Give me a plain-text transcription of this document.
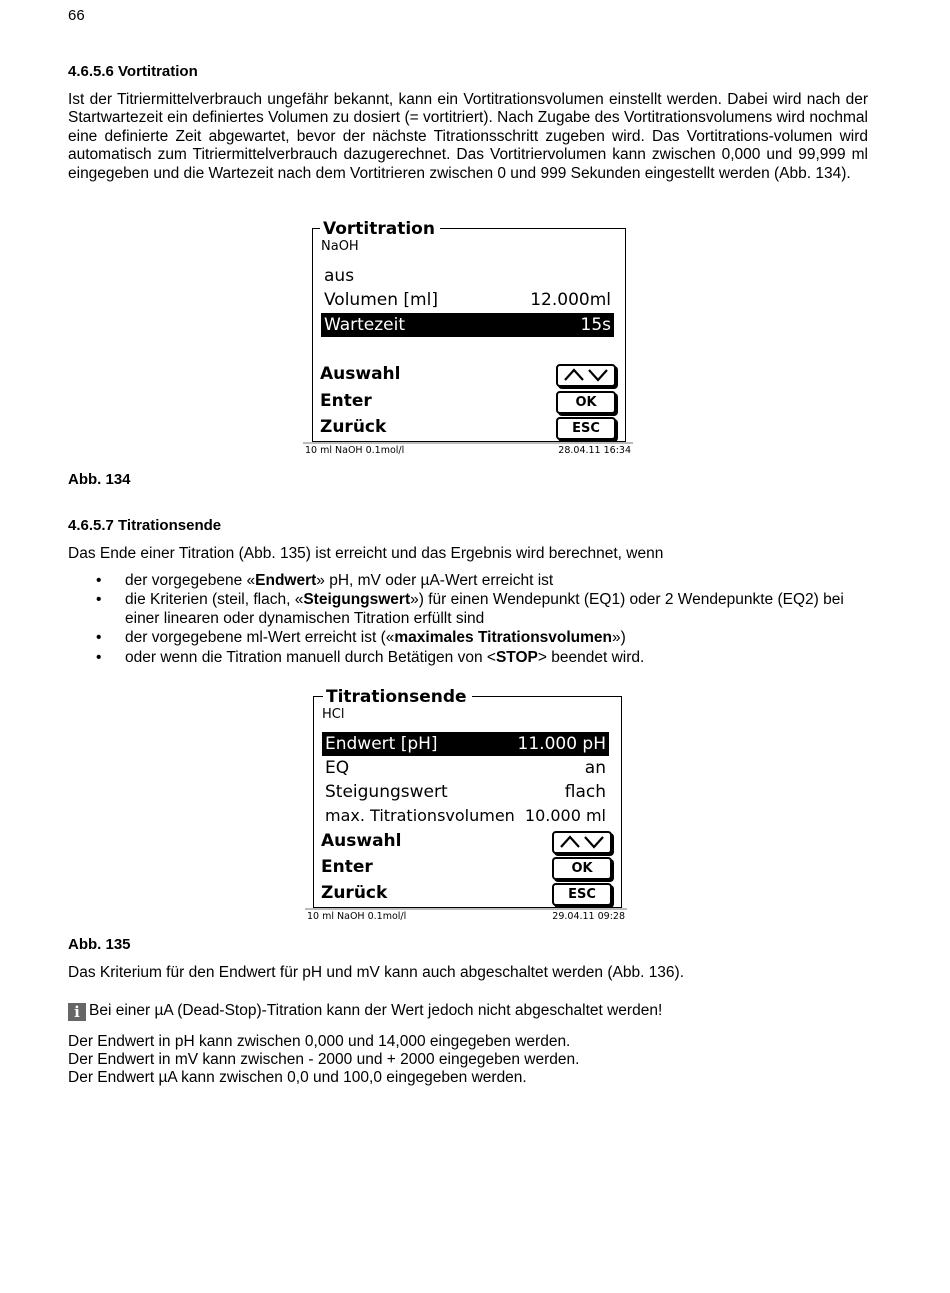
66
4.6.5.6 Vortitration
Ist der Titriermittelverbrauch ungefähr bekannt, kann ein Vortitrationsvolumen einstellt werden. Dabei wird nach der Startwartezeit ein definiertes Volumen zu dosiert (= vortitriert). Nach Zugabe des Vortitrationsvolumens wird nochmal eine definierte Zeit abgewartet, bevor der nächste Titrationsschritt zugeben wird. Das Vortitrations-volumen wird automatisch zum Titriermittelverbrauch dazugerechnet. Das Vortitriervolumen kann zwischen 0,000 und 99,999 ml eingegeben und die Wartezeit nach dem Vortitrieren zwischen 0 und 999 Sekunden eingestellt werden (Abb. 134).
Vortitration
NaOH
aus
Volumen [ml]	12.000ml
Wartezeit	15s
Auswahl
Enter	OK
Zurück	ESC
10 ml NaOH 0.1mol/l	28.04.11 16:34
Abb. 134
4.6.5.7 Titrationsende
Das Ende einer Titration (Abb. 135) ist erreicht und das Ergebnis wird berechnet, wenn
• der vorgegebene «Endwert» pH, mV oder µA-Wert erreicht ist
• die Kriterien (steil, flach, «Steigungswert») für einen Wendepunkt (EQ1) oder 2 Wendepunkte (EQ2) bei einer linearen oder dynamischen Titration erfüllt sind
• der vorgegebene ml-Wert erreicht ist («maximales Titrationsvolumen»)
• oder wenn die Titration manuell durch Betätigen von <STOP> beendet wird.
Titrationsende
HCl
Endwert [pH]	11.000 pH
EQ	an
Steigungswert	flach
max. Titrationsvolumen 10.000 ml
Auswahl
Enter	OK
Zurück	ESC
10 ml NaOH 0.1mol/l	29.04.11 09:28
Abb. 135
Das Kriterium für den Endwert für pH und mV kann auch abgeschaltet werden (Abb. 136).
i Bei einer µA (Dead-Stop)-Titration kann der Wert jedoch nicht abgeschaltet werden!
Der Endwert in pH kann zwischen 0,000 und 14,000 eingegeben werden.
Der Endwert in mV kann zwischen - 2000 und + 2000 eingegeben werden.
Der Endwert µA kann zwischen 0,0 und 100,0 eingegeben werden.
